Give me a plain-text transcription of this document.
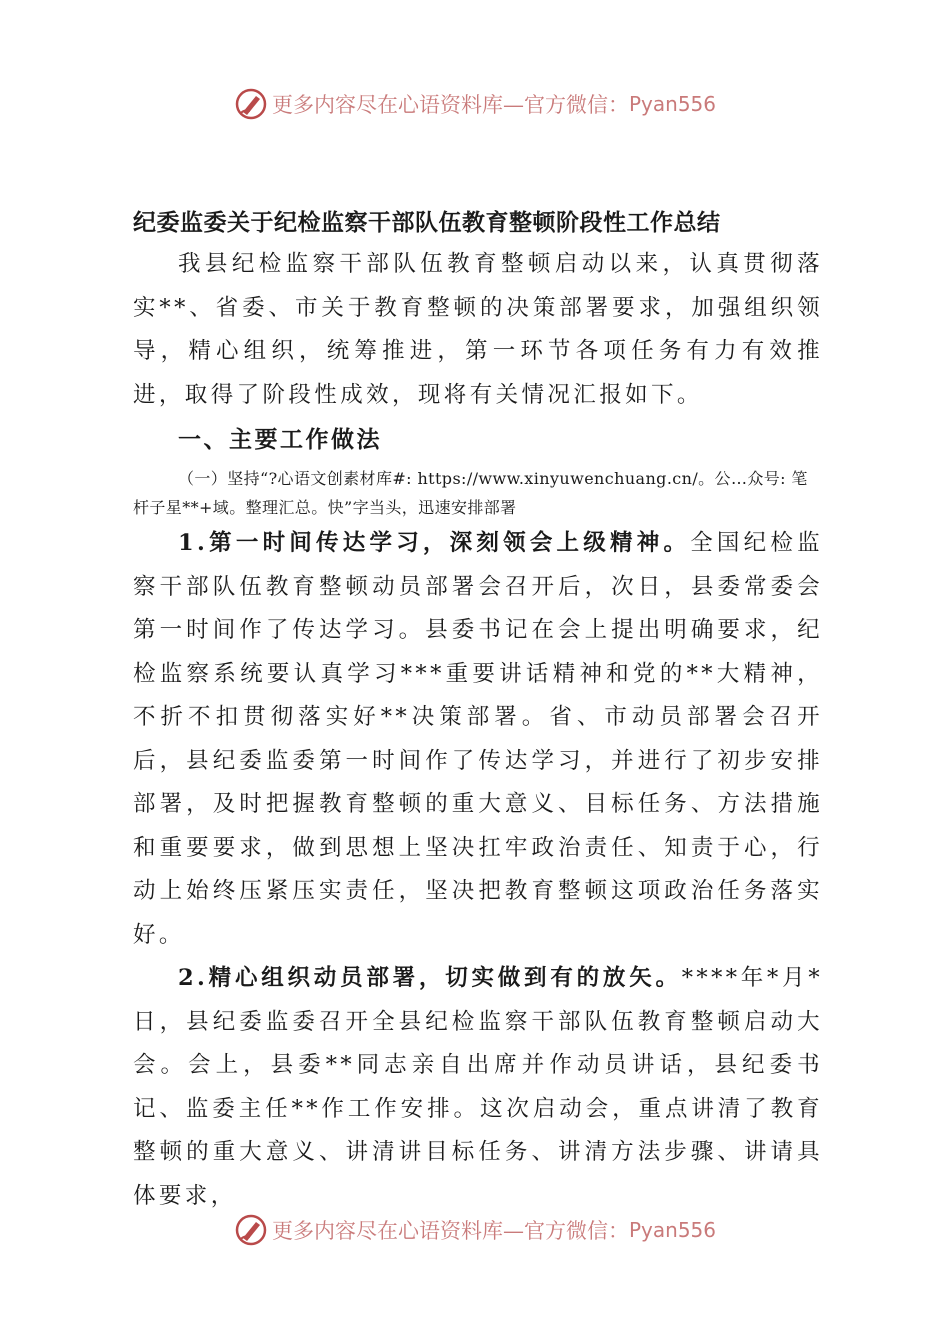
更多内容尽在心语资料库—官方微信： Pyan556
纪委监委关于纪检监察干部队伍教育整顿阶段性工作总结

我县纪检监察干部队伍教育整顿启动以来，认真贯彻落实**、省委、市关于教育整顿的决策部署要求，加强组织领导，精心组织，统筹推进，第一环节各项任务有力有效推进，取得了阶段性成效，现将有关情况汇报如下。

一、主要工作做法

（一）坚持“?心语文创素材库#: https://www.xinyuwenchuang.cn/。公…众号: 笔杆子星**+域。整理汇总。快”字当头，迅速安排部署

1.第一时间传达学习，深刻领会上级精神。全国纪检监察干部队伍教育整顿动员部署会召开后，次日，县委常委会第一时间作了传达学习。县委书记在会上提出明确要求，纪检监察系统要认真学习***重要讲话精神和党的**大精神，不折不扣贯彻落实好**决策部署。省、市动员部署会召开后，县纪委监委第一时间作了传达学习，并进行了初步安排部署，及时把握教育整顿的重大意义、目标任务、方法措施和重要要求，做到思想上坚决扛牢政治责任、知责于心，行动上始终压紧压实责任，坚决把教育整顿这项政治任务落实好。

2.精心组织动员部署，切实做到有的放矢。****年*月*日，县纪委监委召开全县纪检监察干部队伍教育整顿启动大会。会上，县委**同志亲自出席并作动员讲话，县纪委书记、监委主任**作工作安排。这次启动会，重点讲清了教育整顿的重大意义、讲清讲目标任务、讲清方法步骤、讲请具体要求，

更多内容尽在心语资料库—官方微信： Pyan556
